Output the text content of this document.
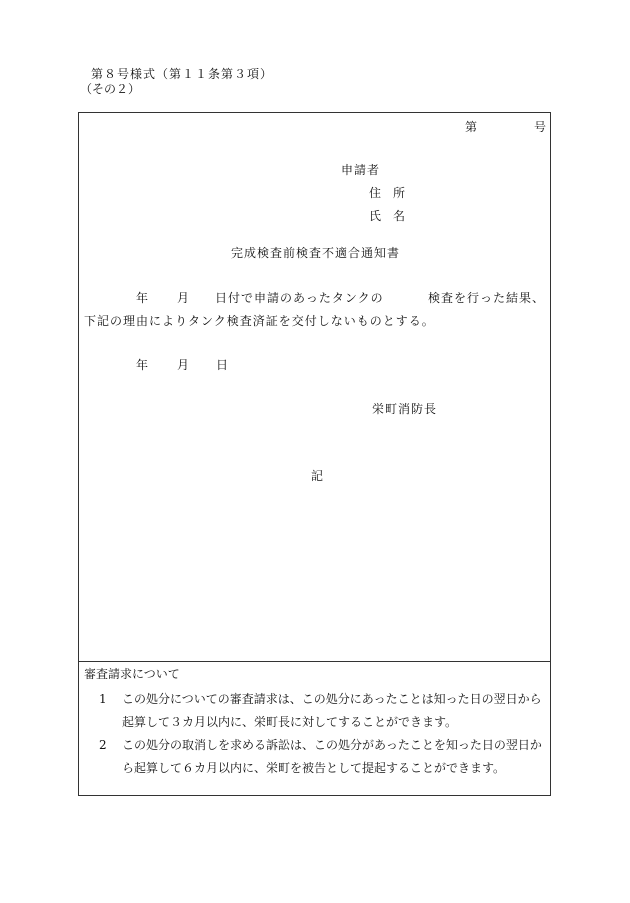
第８号様式（第１１条第３項）
（その２）
第	号
申請者
住　所
氏　名
完成検査前検査不適合通知書
年 月 日付で申請のあったタンクの	検査を行った結果、
下記の理由によりタンク検査済証を交付しないものとする。
年 月 日
栄町消防長
記
審査請求について
1 この処分についての審査請求は、この処分にあったことは知った日の翌日から起算して３カ月以内に、栄町長に対してすることができます。
2 この処分の取消しを求める訴訟は、この処分があったことを知った日の翌日から起算して６カ月以内に、栄町を被告として提起することができます。
